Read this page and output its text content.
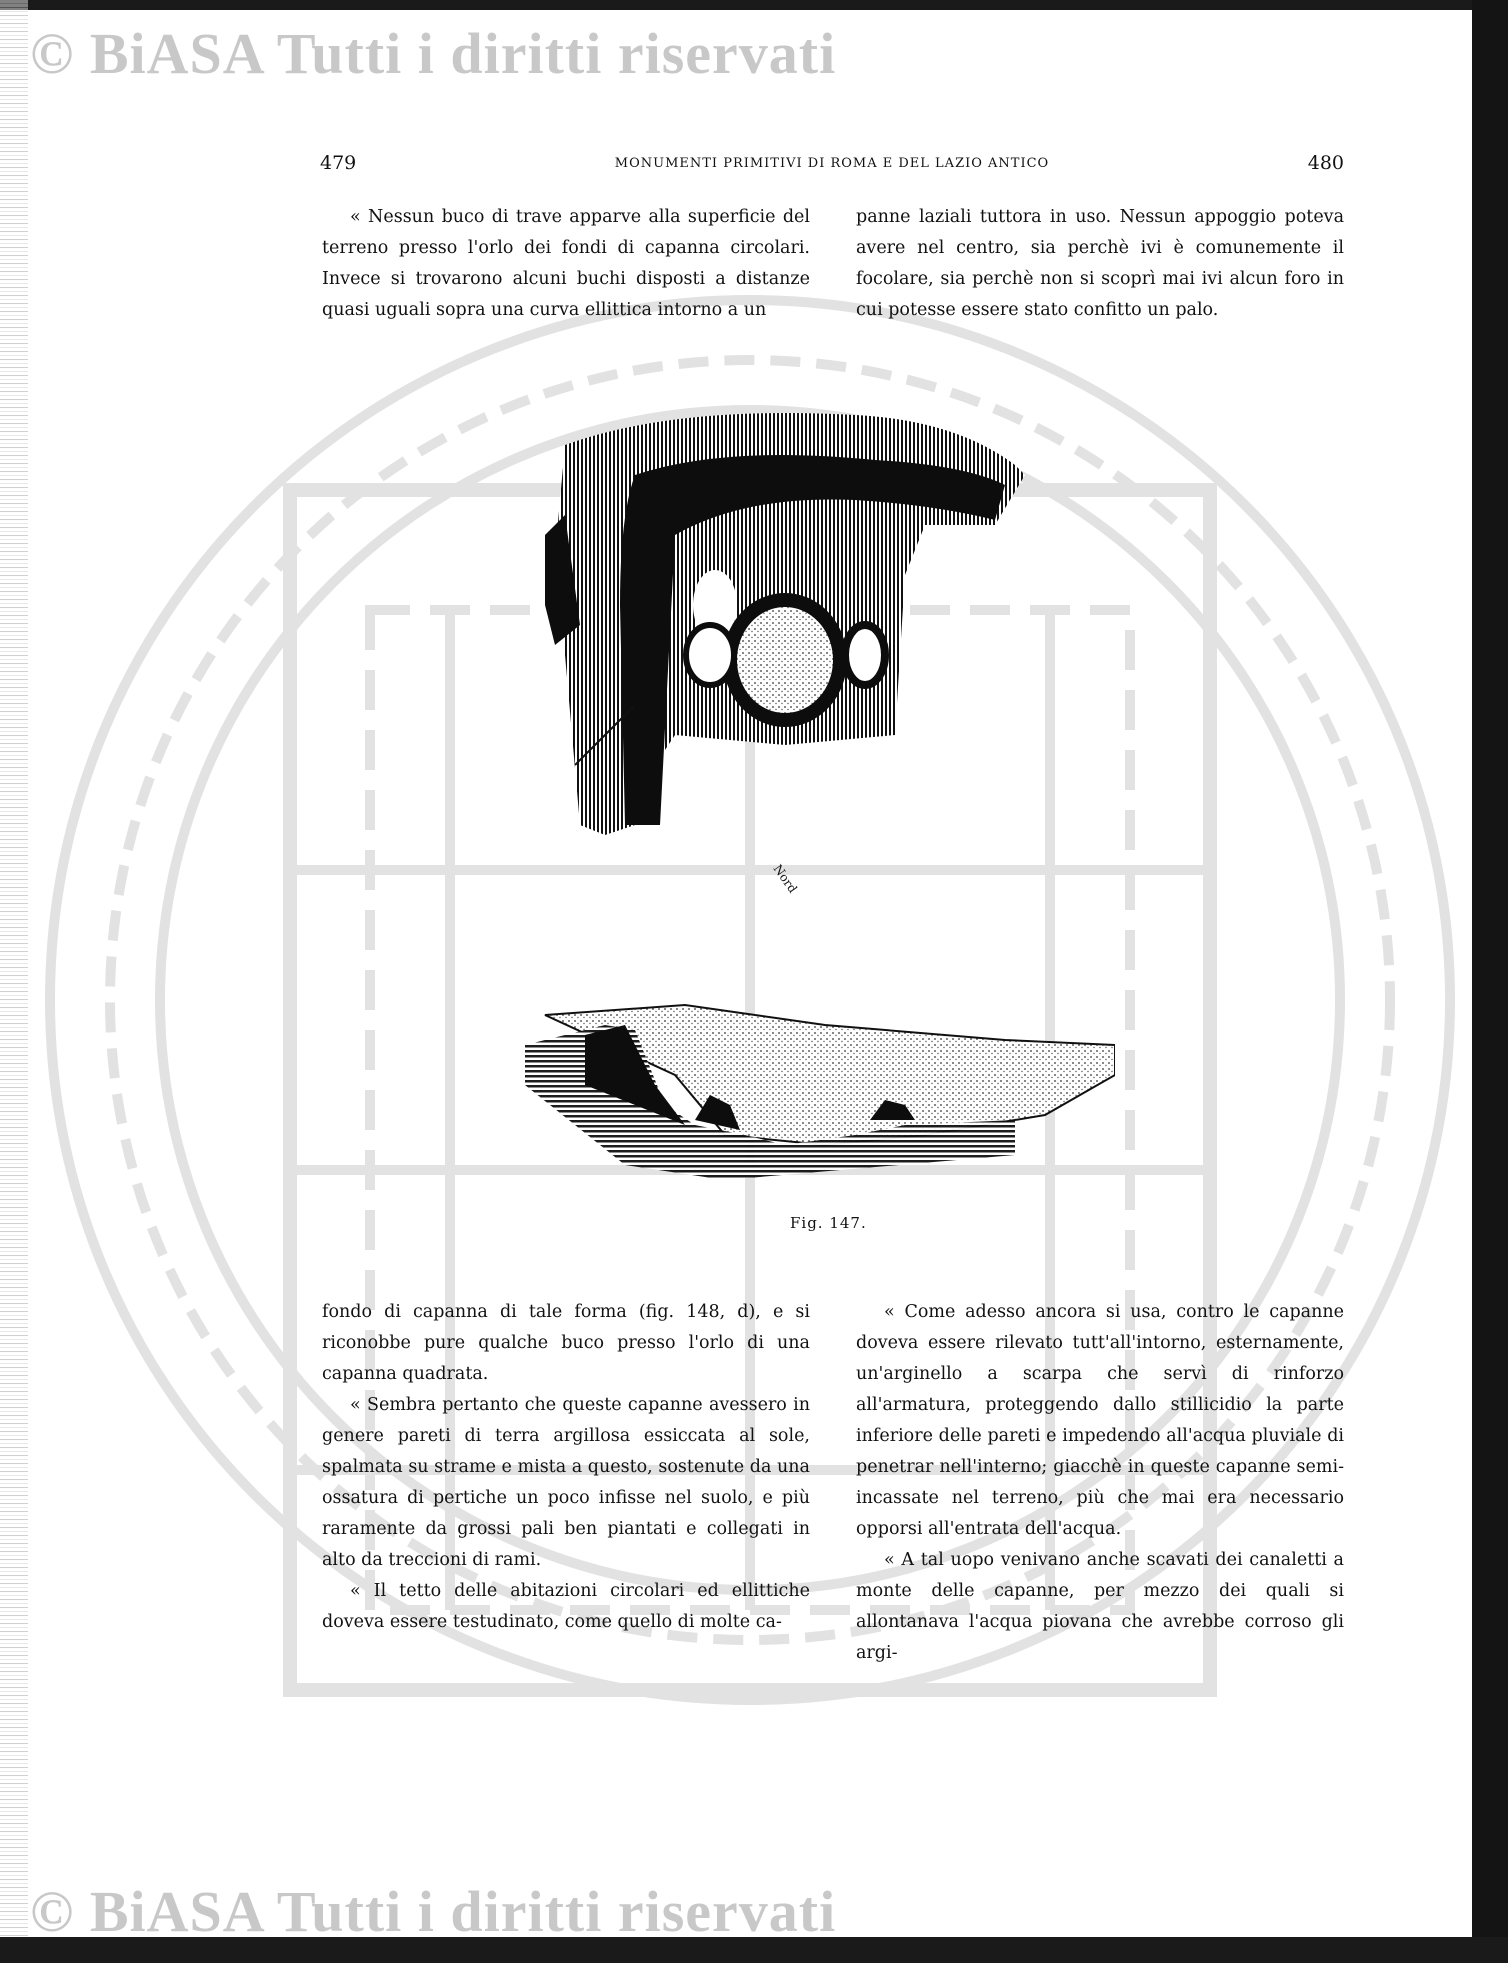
© BiASA Tutti i diritti riservati
© BiASA Tutti i diritti riservati
479	MONUMENTI PRIMITIVI DI ROMA E DEL LAZIO ANTICO	480

« Nessun buco di trave apparve alla superficie del terreno presso l'orlo dei fondi di capanna circolari. Invece si trovarono alcuni buchi disposti a distanze quasi uguali sopra una curva ellittica intorno a un

panne laziali tuttora in uso. Nessun appoggio poteva avere nel centro, sia perchè ivi è comunemente il focolare, sia perchè non si scoprì mai ivi alcun foro in cui potesse essere stato confitto un palo.

Nord
Fig. 147.

fondo di capanna di tale forma (fig. 148, d), e si riconobbe pure qualche buco presso l'orlo di una capanna quadrata.

« Sembra pertanto che queste capanne avessero in genere pareti di terra argillosa essiccata al sole, spalmata su strame e mista a questo, sostenute da una ossatura di pertiche un poco infisse nel suolo, e più raramente da grossi pali ben piantati e collegati in alto da treccioni di rami.

« Il tetto delle abitazioni circolari ed ellittiche doveva essere testudinato, come quello di molte ca-

« Come adesso ancora si usa, contro le capanne doveva essere rilevato tutt'all'intorno, esternamente, un'arginello a scarpa che servì di rinforzo all'armatura, proteggendo dallo stillicidio la parte inferiore delle pareti e impedendo all'acqua pluviale di penetrar nell'interno; giacchè in queste capanne semi-incassate nel terreno, più che mai era necessario opporsi all'entrata dell'acqua.

« A tal uopo venivano anche scavati dei canaletti a monte delle capanne, per mezzo dei quali si allontanava l'acqua piovana che avrebbe corroso gli argi-
